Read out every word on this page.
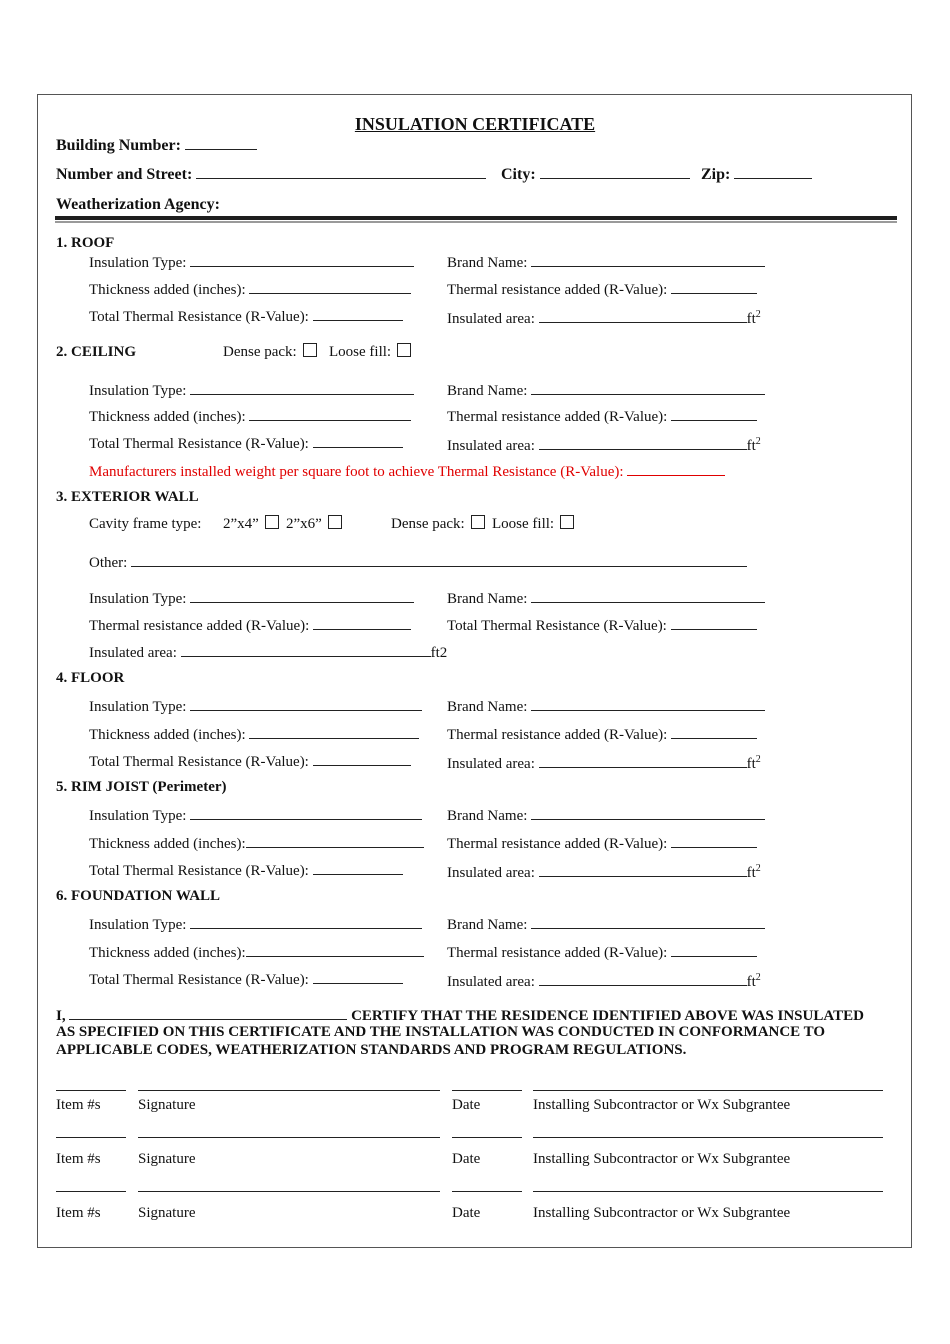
INSULATION CERTIFICATE
Building Number:
Number and Street:	City:	Zip:
Weatherization Agency:
1. ROOF
Insulation Type:	Brand Name:
Thickness added (inches):	Thermal resistance added (R-Value):
Total Thermal Resistance (R-Value):	Insulated area:	$ft^2$
2. CEILING	Dense pack:	Loose fill:
Insulation Type:	Brand Name:
Thickness added (inches):	Thermal resistance added (R-Value):
Total Thermal Resistance (R-Value):	Insulated area:	$ft^2$
Manufacturers installed weight per square foot to achieve Thermal Resistance (R-Value):
3. EXTERIOR WALL
Cavity frame type: 2”x4”	2”x6”	Dense pack:	Loose fill:
Other:
Insulation Type:	Brand Name:
Thermal resistance added (R-Value):	Total Thermal Resistance (R-Value):
Insulated area:	ft2
4. FLOOR
Insulation Type:	Brand Name:
Thickness added (inches):	Thermal resistance added (R-Value):
Total Thermal Resistance (R-Value):	Insulated area:	$ft^2$
5. RIM JOIST (Perimeter)
Insulation Type:	Brand Name:
Thickness added (inches):	Thermal resistance added (R-Value):
Total Thermal Resistance (R-Value):	Insulated area:	$ft^2$
6. FOUNDATION WALL
Insulation Type:	Brand Name:
Thickness added (inches):	Thermal resistance added (R-Value):
Total Thermal Resistance (R-Value):	Insulated area:	$ft^2$
I,	CERTIFY THAT THE RESIDENCE IDENTIFIED ABOVE WAS INSULATED
AS SPECIFIED ON THIS CERTIFICATE AND THE INSTALLATION WAS CONDUCTED IN CONFORMANCE TO
APPLICABLE CODES, WEATHERIZATION STANDARDS AND PROGRAM REGULATIONS.
Item #s Signature	Date	Installing Subcontractor or Wx Subgrantee
Item #s Signature	Date	Installing Subcontractor or Wx Subgrantee
Item #s Signature	Date	Installing Subcontractor or Wx Subgrantee
